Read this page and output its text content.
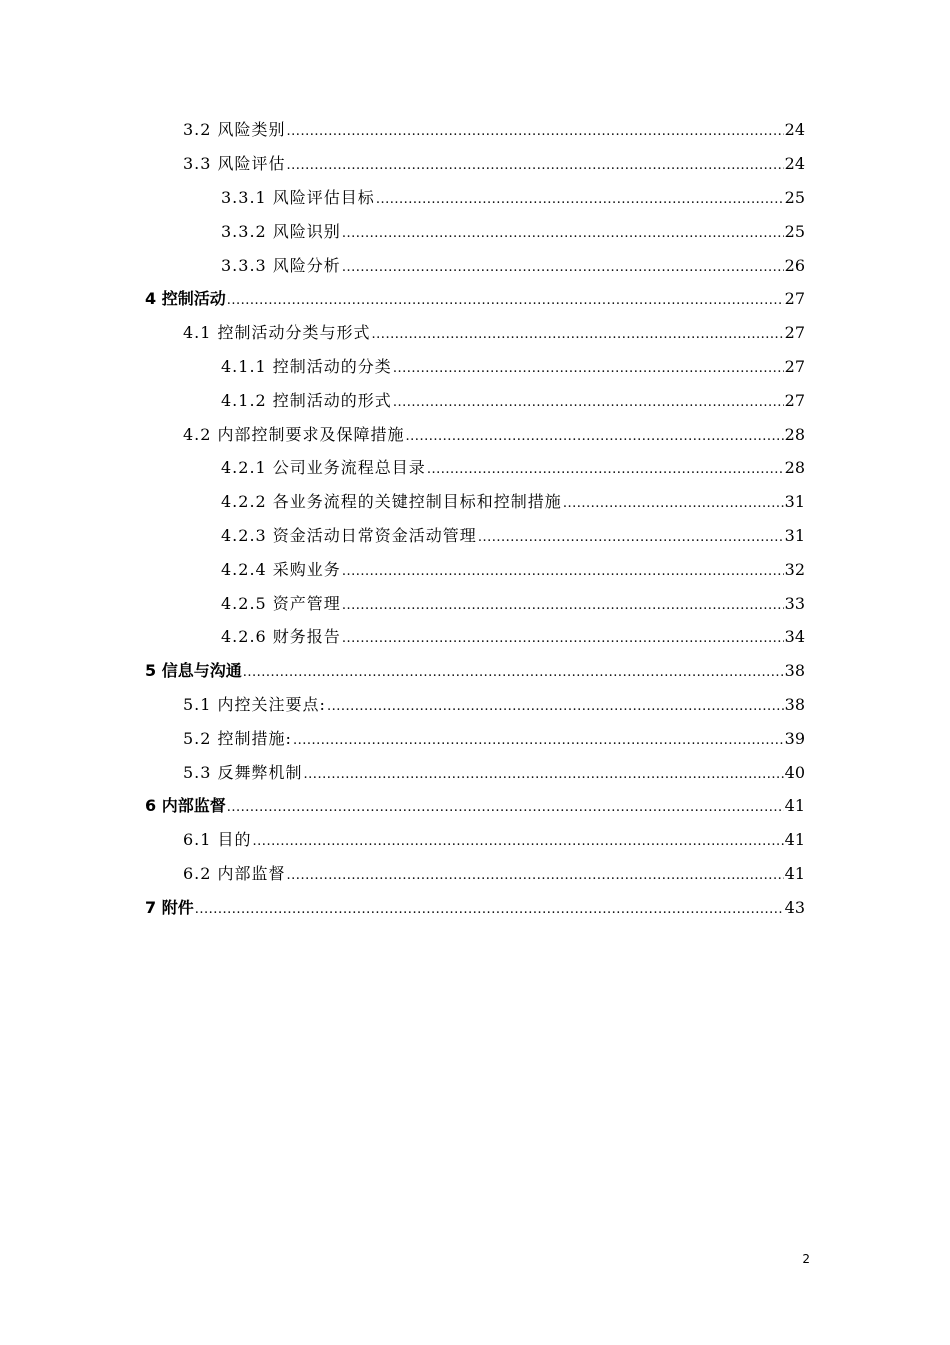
3.2 风险类别 .....	24
3.3 风险评估 .....	24
3.3.1 风险评估目标 .....	25
3.3.2 风险识别 .....	25
3.3.3 风险分析 .....	26
4 控制活动 .....	27
4.1 控制活动分类与形式 .....	27
4.1.1 控制活动的分类 .....	27
4.1.2 控制活动的形式 .....	27
4.2 内部控制要求及保障措施 .....	28
4.2.1 公司业务流程总目录 .....	28
4.2.2 各业务流程的关键控制目标和控制措施 .....	31
4.2.3 资金活动日常资金活动管理 .....	31
4.2.4 采购业务 .....	32
4.2.5 资产管理 .....	33
4.2.6 财务报告 .....	34
5 信息与沟通 .....	38
5.1 内控关注要点: .....	38
5.2 控制措施: .....	39
5.3 反舞弊机制 .....	40
6 内部监督 .....	41
6.1 目的 .....	41
6.2 内部监督 .....	41
7 附件 .....	43
2
